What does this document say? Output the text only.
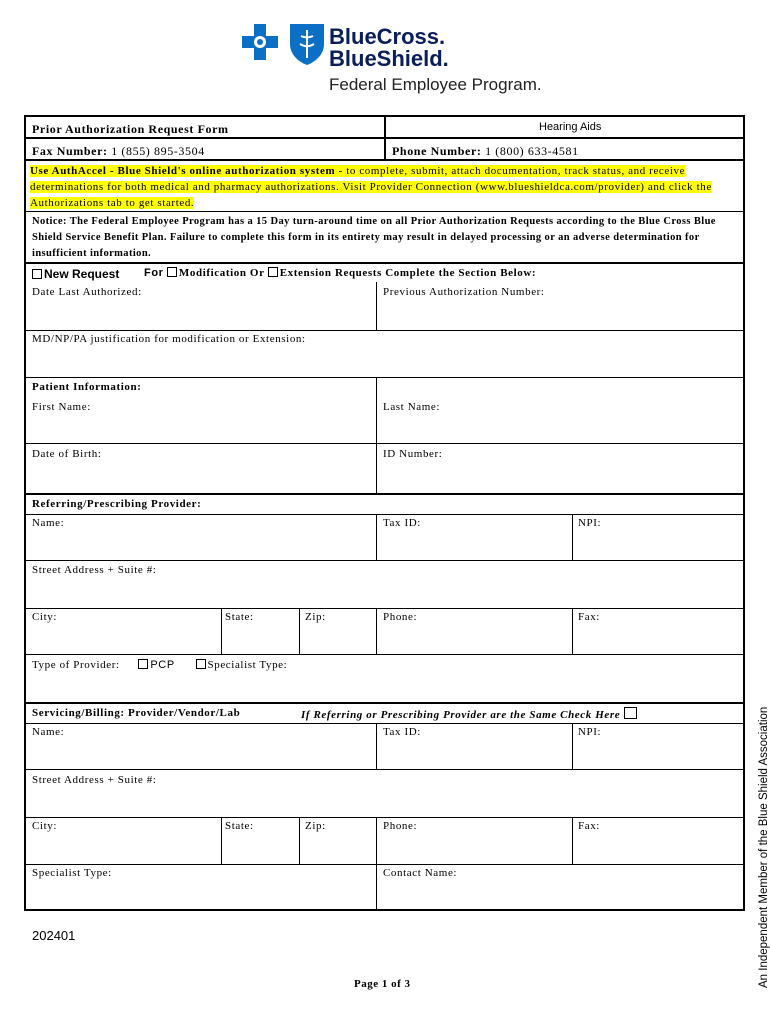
BlueCross.
BlueShield.
Federal Employee Program.
Prior Authorization Request Form	Hearing Aids
Fax Number: 1 (855) 895-3504	Phone Number: 1 (800) 633-4581
Use AuthAccel - Blue Shield's online authorization system - to complete, submit, attach documentation, track status, and receive determinations for both medical and pharmacy authorizations. Visit Provider Connection (www.blueshieldca.com/provider) and click the Authorizations tab to get started.
Notice: The Federal Employee Program has a 15 Day turn-around time on all Prior Authorization Requests according to the Blue Cross Blue Shield Service Benefit Plan. Failure to complete this form in its entirety may result in delayed processing or an adverse determination for insufficient information.
New Request For Modification Or Extension Requests Complete the Section Below:
Date Last Authorized:	Previous Authorization Number:
MD/NP/PA justification for modification or Extension:
Patient Information:
First Name:	Last Name:
Date of Birth:	ID Number:
Referring/Prescribing Provider:
Name:	Tax ID:	NPI:
Street Address + Suite #:
City:	State:	Zip:	Phone:	Fax:
Type of Provider:	PCP	Specialist Type:
Servicing/Billing: Provider/Vendor/Lab	If Referring or Prescribing Provider are the Same Check Here
Name:	Tax ID:	NPI:
Street Address + Suite #:
City:	State:	Zip:	Phone:	Fax:
Specialist Type:	Contact Name:
202401
Page 1 of 3	An Independent Member of the Blue Shield Association
